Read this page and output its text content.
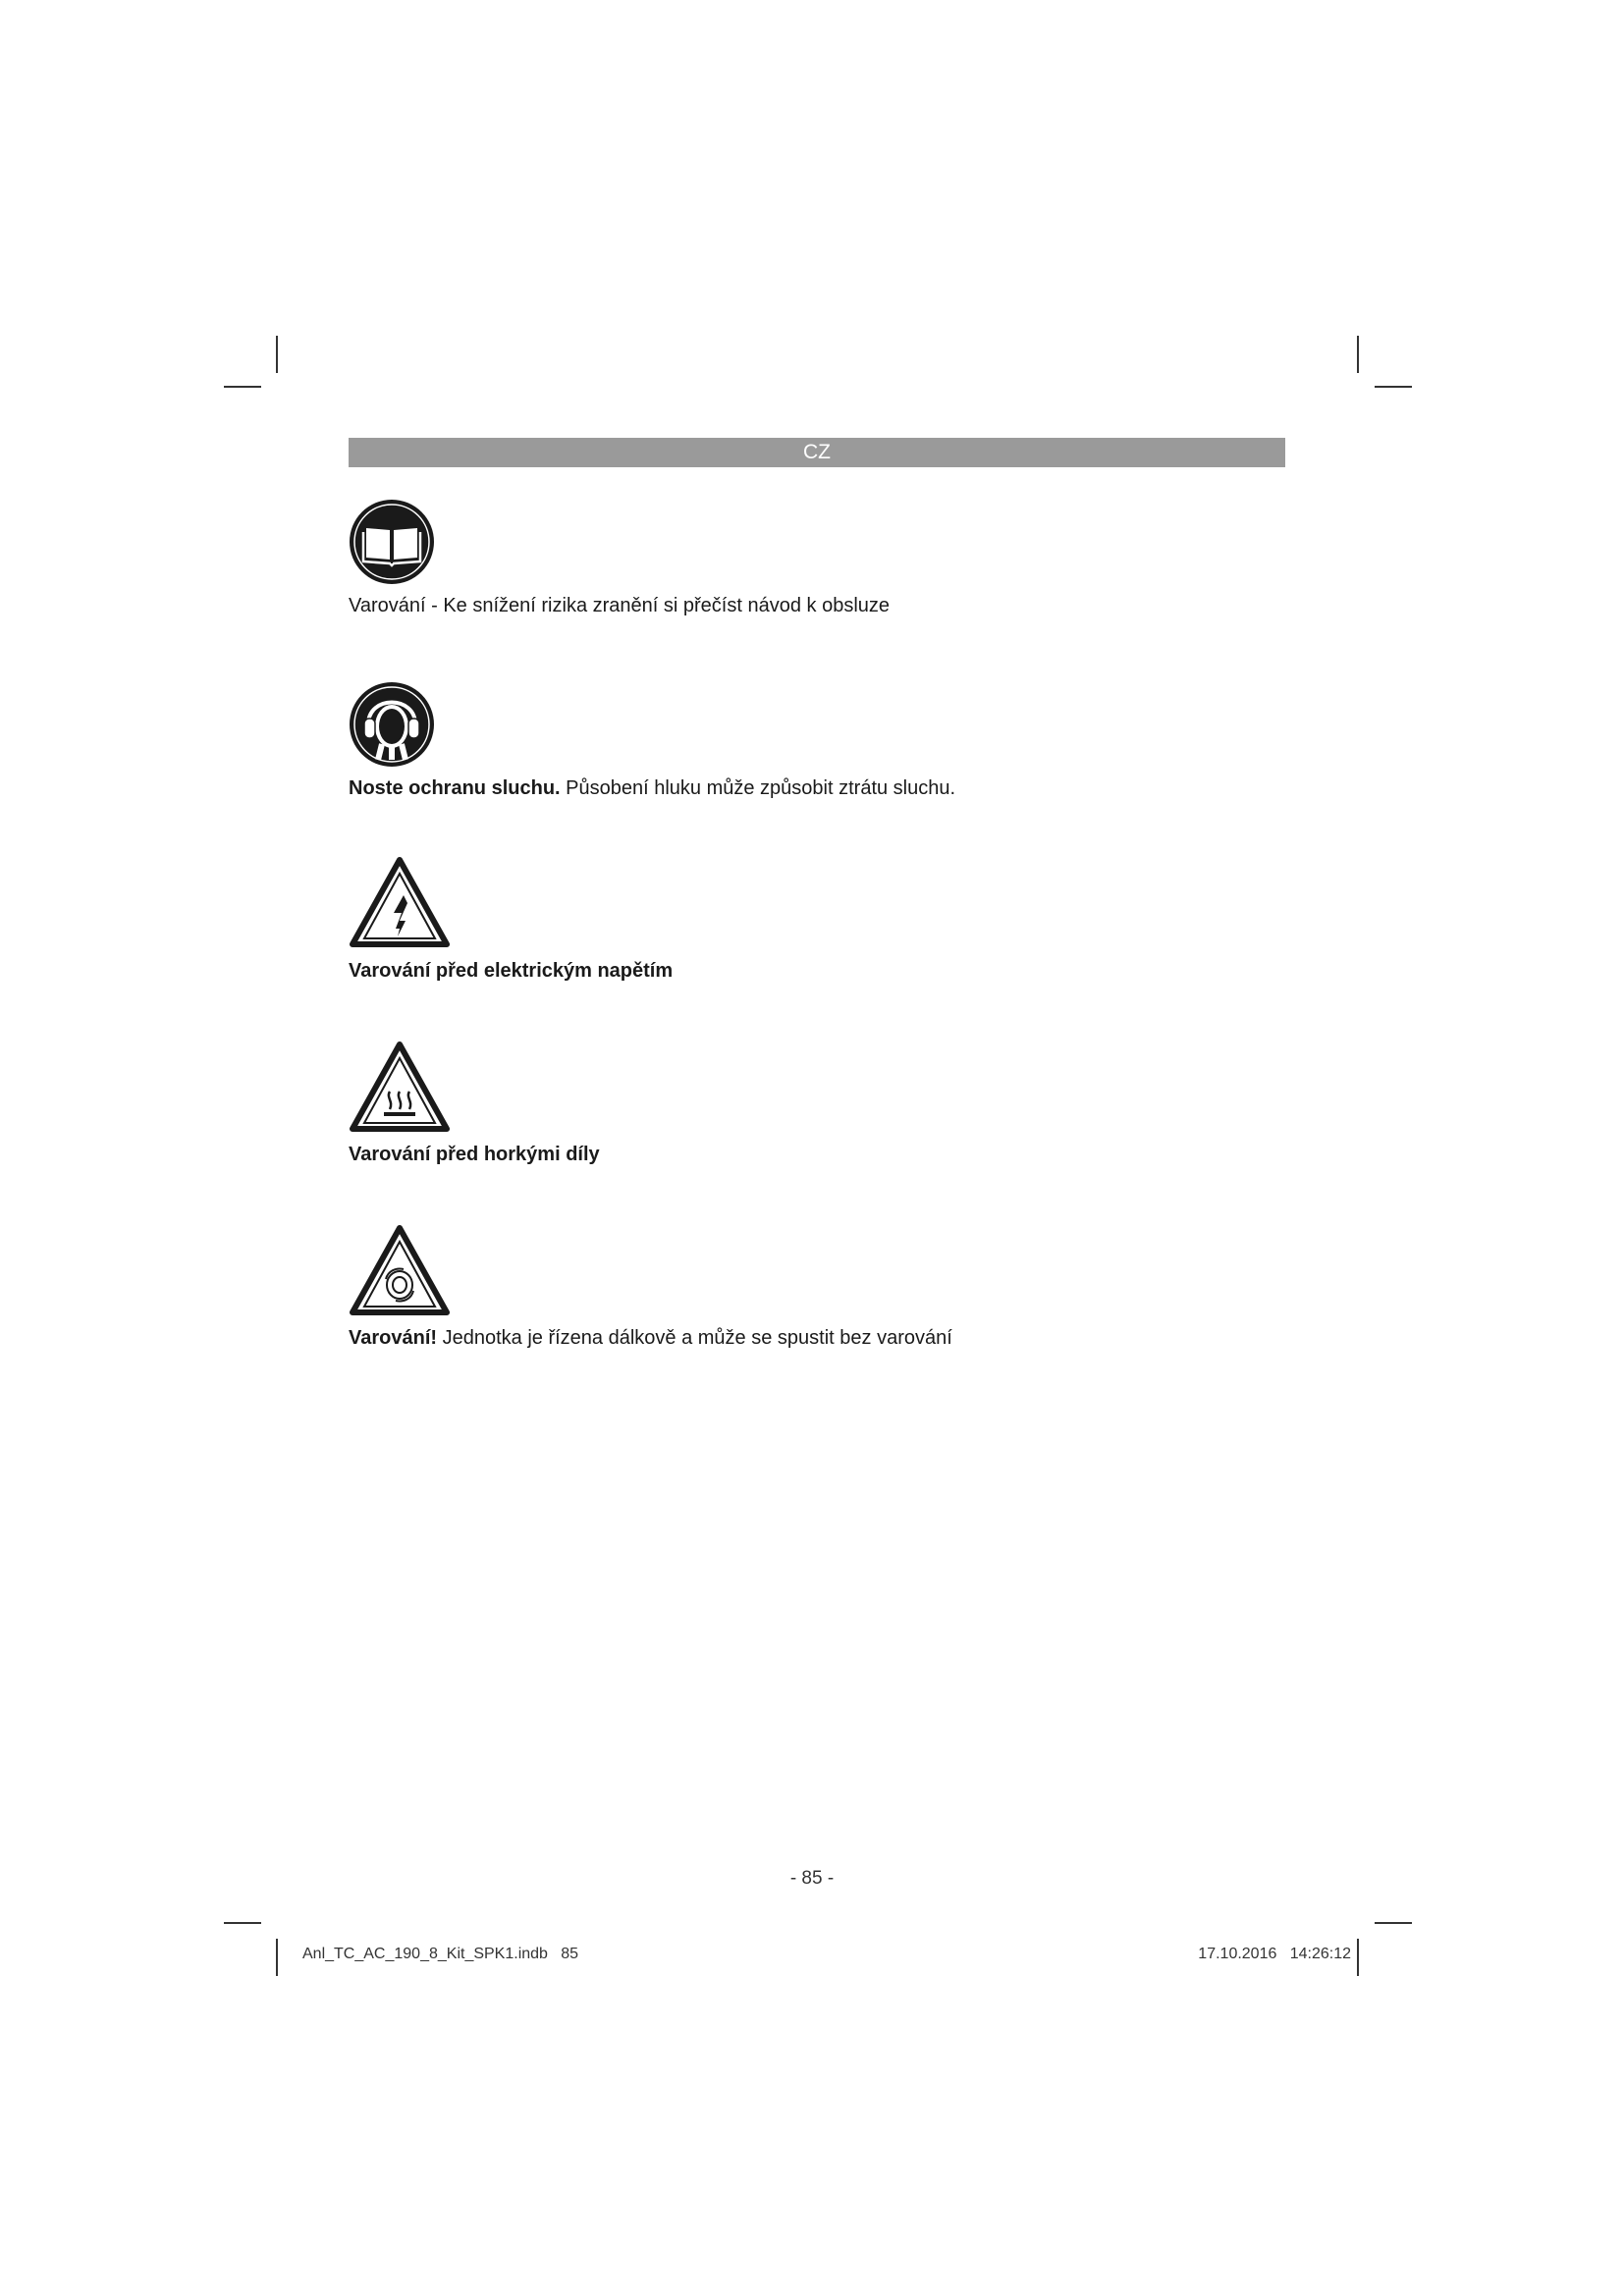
CZ
Varování - Ke snížení rizika zranění si přečíst návod k obsluze
Noste ochranu sluchu. Působení hluku může způsobit ztrátu sluchu.
Varování před elektrickým napětím
Varování před horkými díly
Varování! Jednotka je řízena dálkově a může se spustit bez varování
- 85 -
Anl_TC_AC_190_8_Kit_SPK1.indb   85	17.10.2016   14:26:12
